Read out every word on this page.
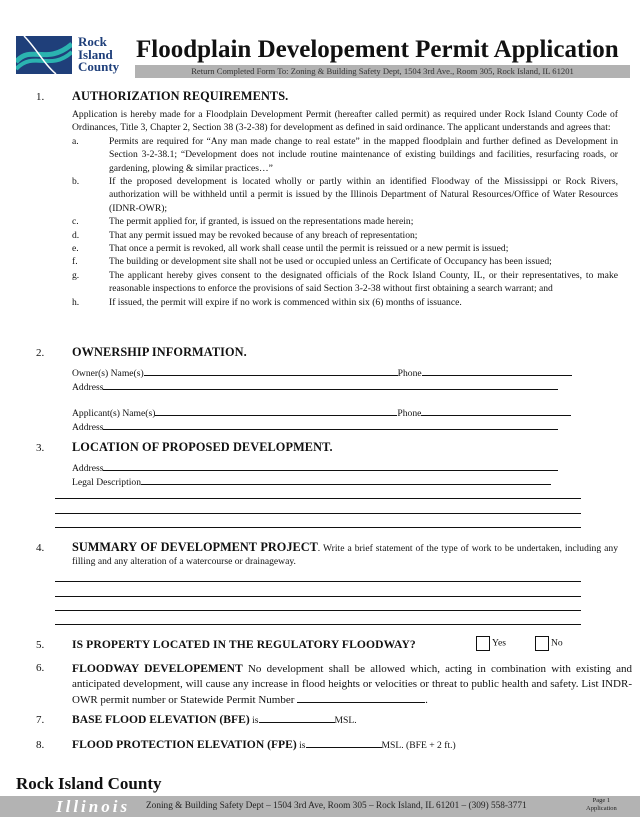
Rock
Island
County
Floodplain Developement Permit Application
Return Completed Form To: Zoning & Building Safety Dept, 1504 3rd Ave., Room 305, Rock Island, IL 61201
1.	AUTHORIZATION REQUIREMENTS.
Application is hereby made for a Floodplain Development Permit (hereafter called permit) as required under Rock Island County Code of Ordinances, Title 3, Chapter 2, Section 38 (3-2-38) for development as defined in said ordinance. The applicant understands and agrees that:
a.	Permits are required for “Any man made change to real estate” in the mapped floodplain and further defined as Development in Section 3-2-38.1; “Development does not include routine maintenance of existing buildings and facilities, resurfacing roads, or gardening, plowing & similar practices…”
b.	If the proposed development is located wholly or partly within an identified Floodway of the Mississippi or Rock Rivers, authorization will be withheld until a permit is issued by the Illinois Department of Natural Resources/Office of Water Resources (IDNR-OWR);
c.	The permit applied for, if granted, is issued on the representations made herein;
d.	That any permit issued may be revoked because of any breach of representation;
e.	That once a permit is revoked, all work shall cease until the permit is reissued or a new permit is issued;
f.	The building or development site shall not be used or occupied unless an Certificate of Occupancy has been issued;
g.	The applicant hereby gives consent to the designated officials of the Rock Island County, IL, or their representatives, to make reasonable inspections to enforce the provisions of said Section 3-2-38 without first obtaining a search warrant; and
h.	If issued, the permit will expire if no work is commenced within six (6) months of issuance.
2.	OWNERSHIP INFORMATION.
Owner(s) Name(s)	Phone
Address
Applicant(s) Name(s)	Phone
Address
3.	LOCATION OF PROPOSED DEVELOPMENT.
Address
Legal Description
4.	SUMMARY OF DEVELOPMENT PROJECT. Write a brief statement of the type of work to be undertaken, including any filling and any alteration of a watercourse or drainageway.
5.	IS PROPERTY LOCATED IN THE REGULATORY FLOODWAY?	Yes	No
6.	FLOODWAY DEVELOPEMENT No development shall be allowed which, acting in combination with existing and anticipated development, will cause any increase in flood heights or velocities or threat to public health and safety. List INDR-OWR permit number or Statewide Permit Number	.
7.	BASE FLOOD ELEVATION (BFE) is	MSL.
8.	FLOOD PROTECTION ELEVATION (FPE) is	MSL. (BFE + 2 ft.)
Rock Island County
Illinois Zoning & Building Safety Dept – 1504 3rd Ave, Room 305 – Rock Island, IL 61201 – (309) 558-3771
Page 1
Application
